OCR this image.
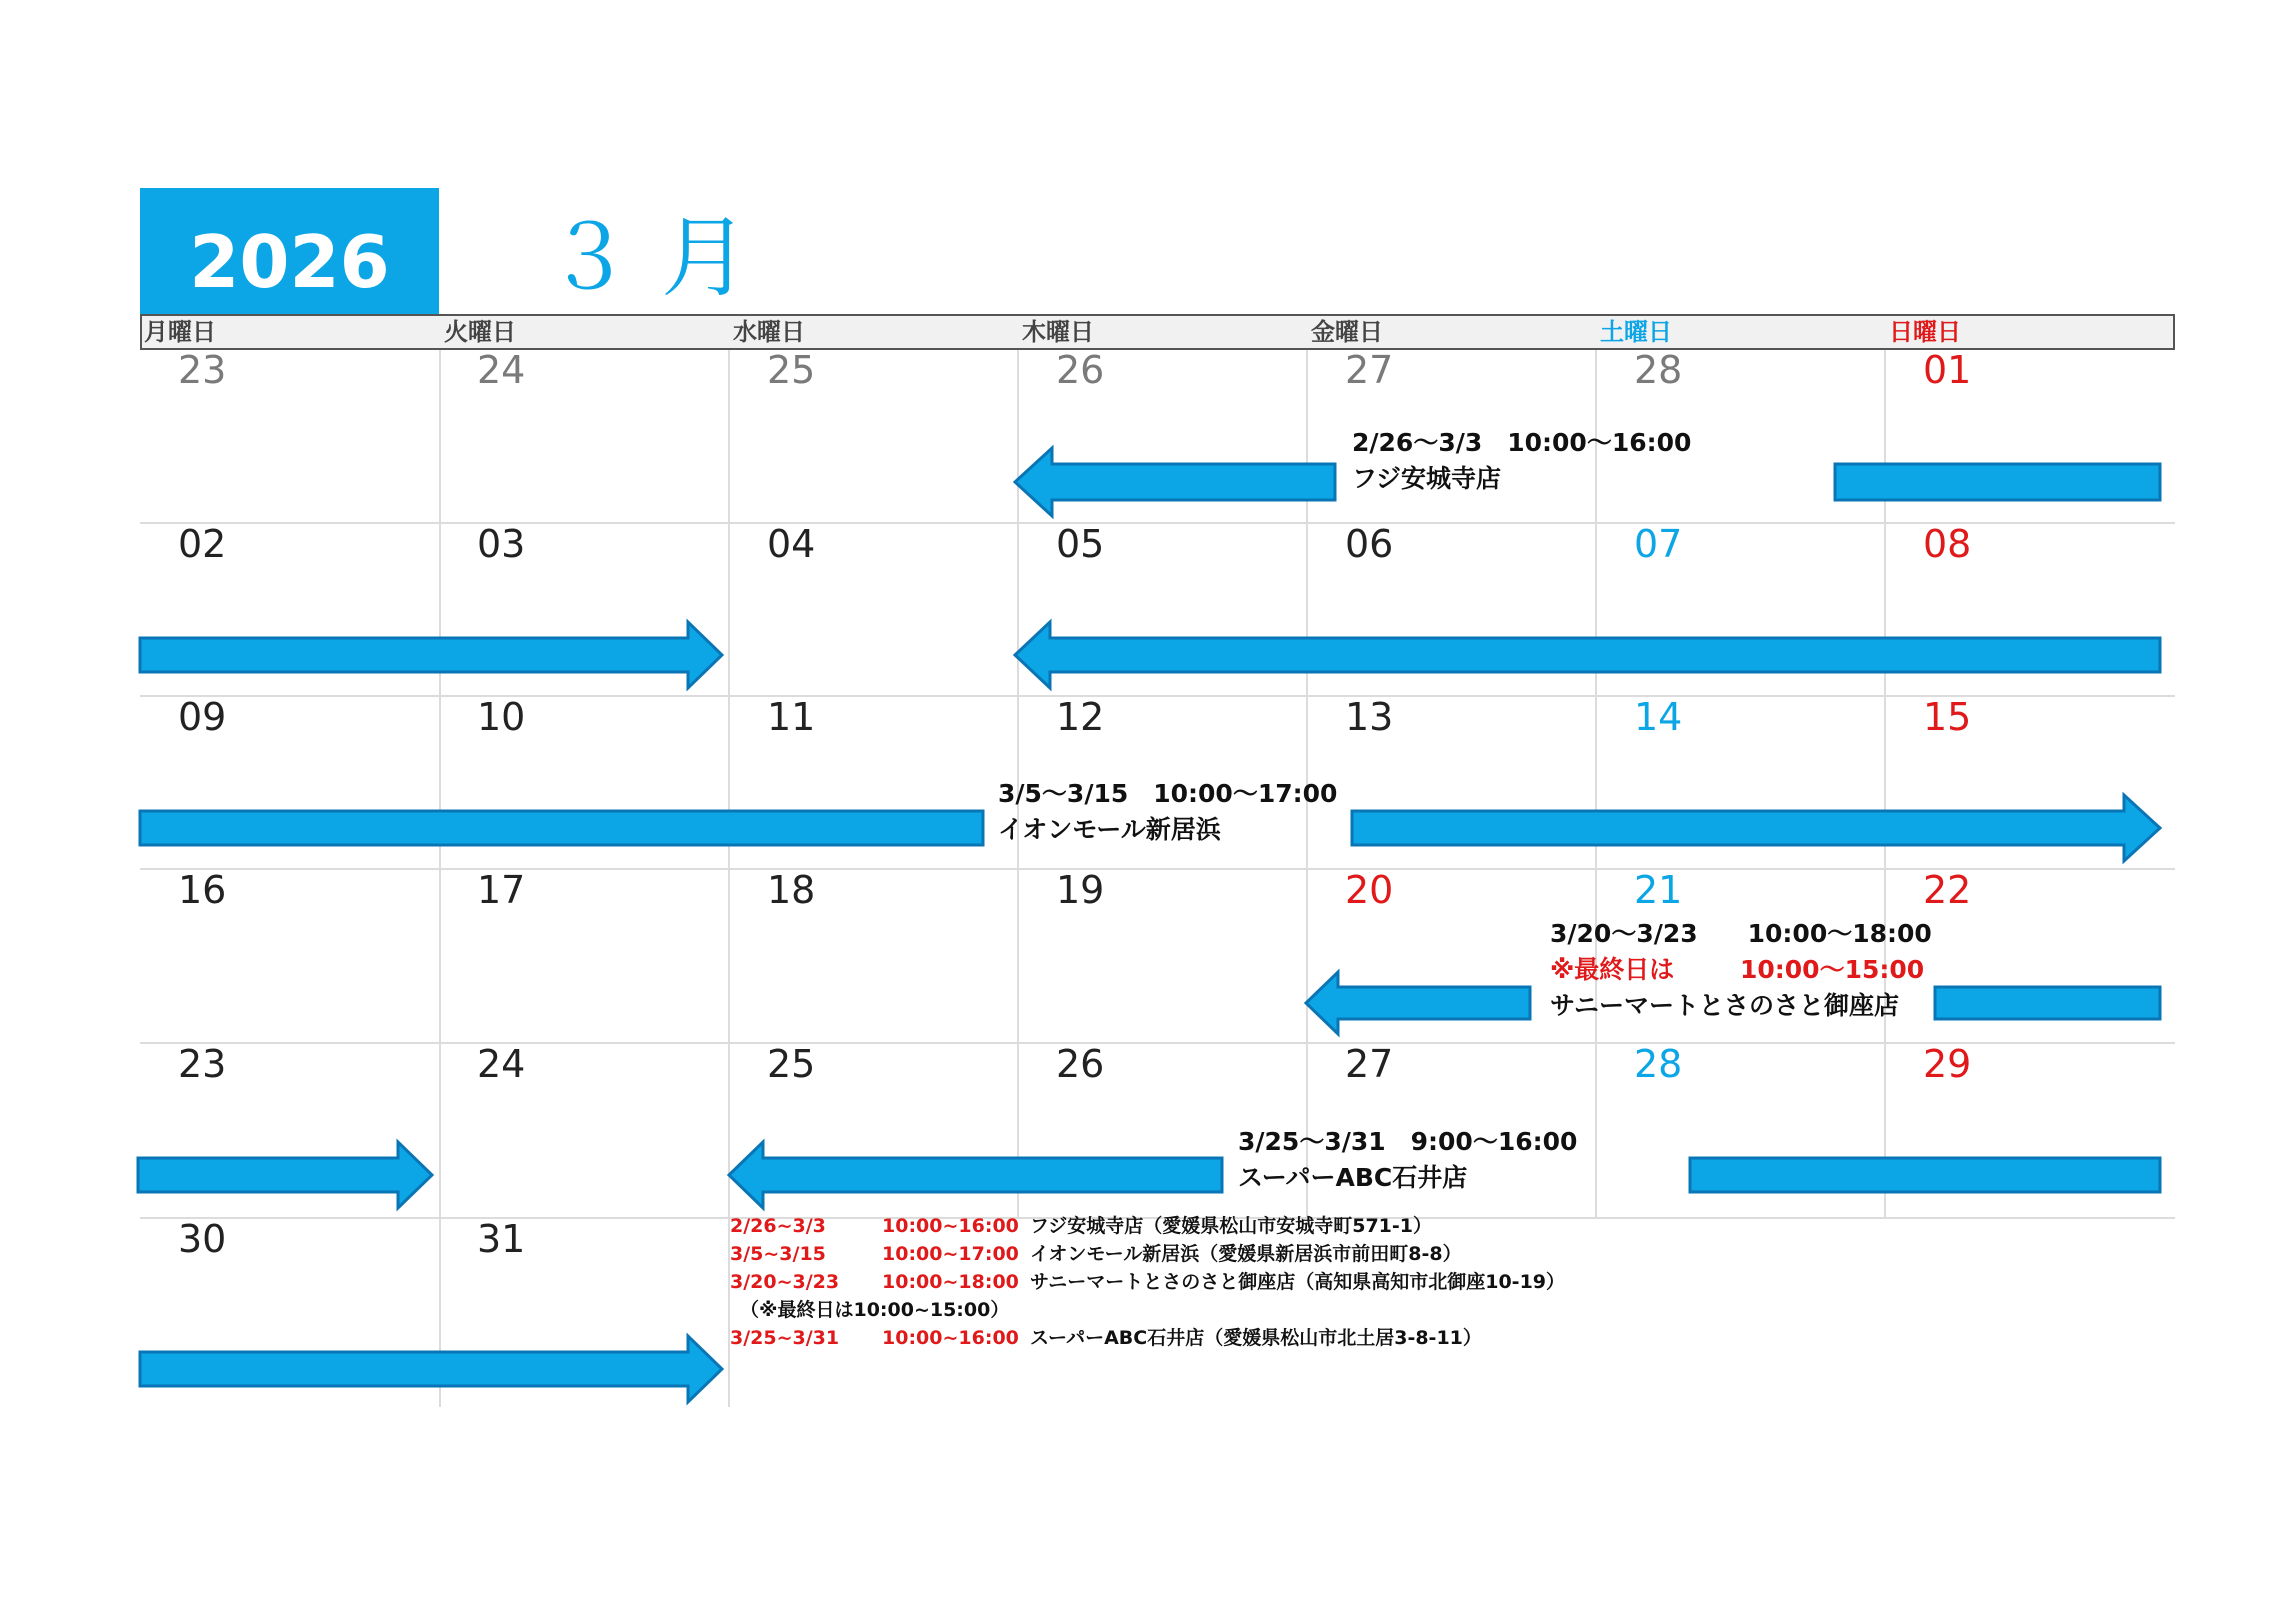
2026	３ 月
月曜日	火曜日	水曜日	木曜日	金曜日	土曜日	日曜日
23	24	25	26	27	28	01
02	03	04	05	06	07	08
09	10	11	12	13	14	15
16	17	18	19	20	21	22
23	24	25	26	27	28	29
30	31
2/26～3/3　10:00～16:00
フジ安城寺店
3/5～3/15　10:00～17:00
イオンモール新居浜
3/20～3/23　　10:00～18:00
※最終日は	10:00～15:00
サニーマートとさのさと御座店
3/25～3/31　9:00～16:00
スーパーABC石井店
2/26~3/3	10:00~16:00 フジ安城寺店（愛媛県松山市安城寺町571-1）
3/5~3/15	10:00~17:00 イオンモール新居浜（愛媛県新居浜市前田町8-8）
3/20~3/23 10:00~18:00 サニーマートとさのさと御座店（高知県高知市北御座10-19）
（※最終日は10:00~15:00）
3/25~3/31 10:00~16:00 スーパーABC石井店（愛媛県松山市北土居3-8-11）
